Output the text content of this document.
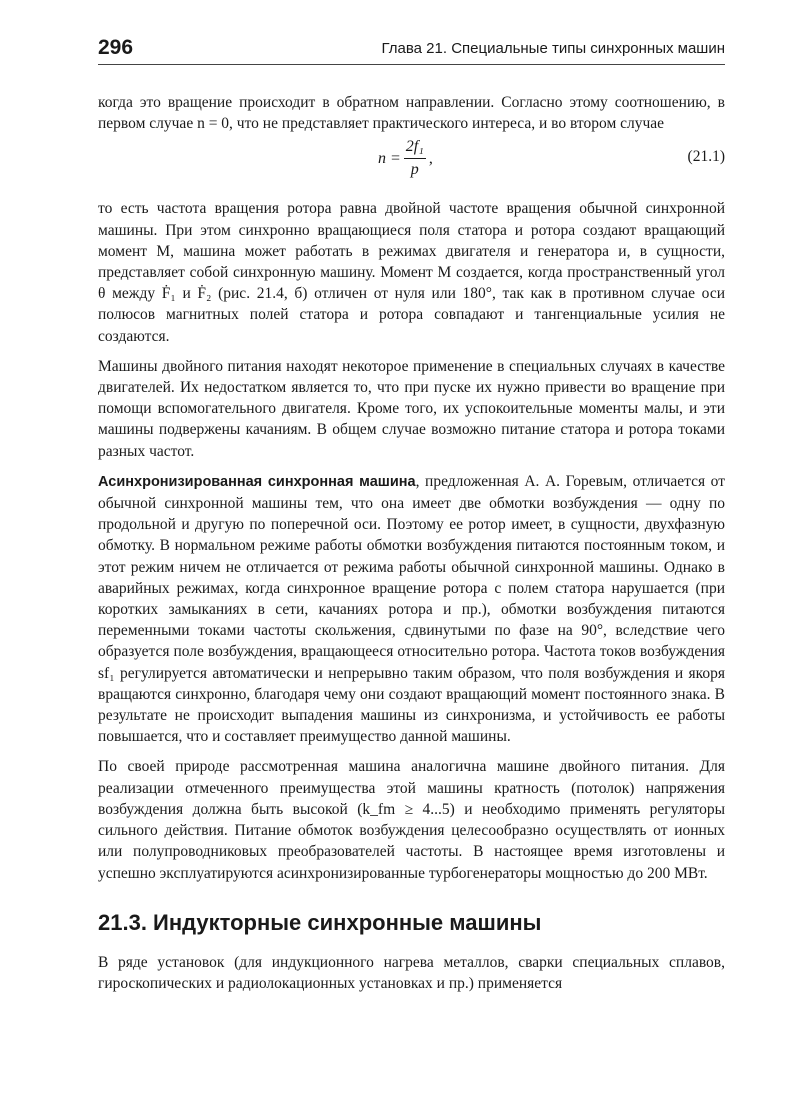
296	Глава 21. Специальные типы синхронных машин

когда это вращение происходит в обратном направлении. Согласно этому соотношению, в первом случае n = 0, что не представляет практического интереса, и во втором случае

$n = \frac{\text{2f₁}}{p}$ ,	(21.1)

то есть частота вращения ротора равна двойной частоте вращения обычной синхронной машины. При этом синхронно вращающиеся поля статора и ротора создают вращающий момент M, машина может работать в режимах двигателя и генератора и, в сущности, представляет собой синхронную машину. Момент M создается, когда пространственный угол θ между Ḟ₁ и Ḟ₂ (рис. 21.4, б) отличен от нуля или 180°, так как в противном случае оси полюсов магнитных полей статора и ротора совпадают и тангенциальные усилия не создаются.

Машины двойного питания находят некоторое применение в специальных случаях в качестве двигателей. Их недостатком является то, что при пуске их нужно привести во вращение при помощи вспомогательного двигателя. Кроме того, их успокоительные моменты малы, и эти машины подвержены качаниям. В общем случае возможно питание статора и ротора токами разных частот.

Асинхронизированная синхронная машина, предложенная А. А. Горевым, отличается от обычной синхронной машины тем, что она имеет две обмотки возбуждения — одну по продольной и другую по поперечной оси. Поэтому ее ротор имеет, в сущности, двухфазную обмотку. В нормальном режиме работы обмотки возбуждения питаются постоянным током, и этот режим ничем не отличается от режима работы обычной синхронной машины. Однако в аварийных режимах, когда синхронное вращение ротора с полем статора нарушается (при коротких замыканиях в сети, качаниях ротора и пр.), обмотки возбуждения питаются переменными токами частоты скольжения, сдвинутыми по фазе на 90°, вследствие чего образуется поле возбуждения, вращающееся относительно ротора. Частота токов возбуждения sf₁ регулируется автоматически и непрерывно таким образом, что поля возбуждения и якоря вращаются синхронно, благодаря чему они создают вращающий момент постоянного знака. В результате не происходит выпадения машины из синхронизма, и устойчивость ее работы повышается, что и составляет преимущество данной машины.

По своей природе рассмотренная машина аналогична машине двойного питания. Для реализации отмеченного преимущества этой машины кратность (потолок) напряжения возбуждения должна быть высокой (k_fm ≥ 4...5) и необходимо применять регуляторы сильного действия. Питание обмоток возбуждения целесообразно осуществлять от ионных или полупроводниковых преобразователей частоты. В настоящее время изготовлены и успешно эксплуатируются асинхронизированные турбогенераторы мощностью до 200 МВт.

21.3. Индукторные синхронные машины

В ряде установок (для индукционного нагрева металлов, сварки специальных сплавов, гироскопических и радиолокационных установках и пр.) применяется
